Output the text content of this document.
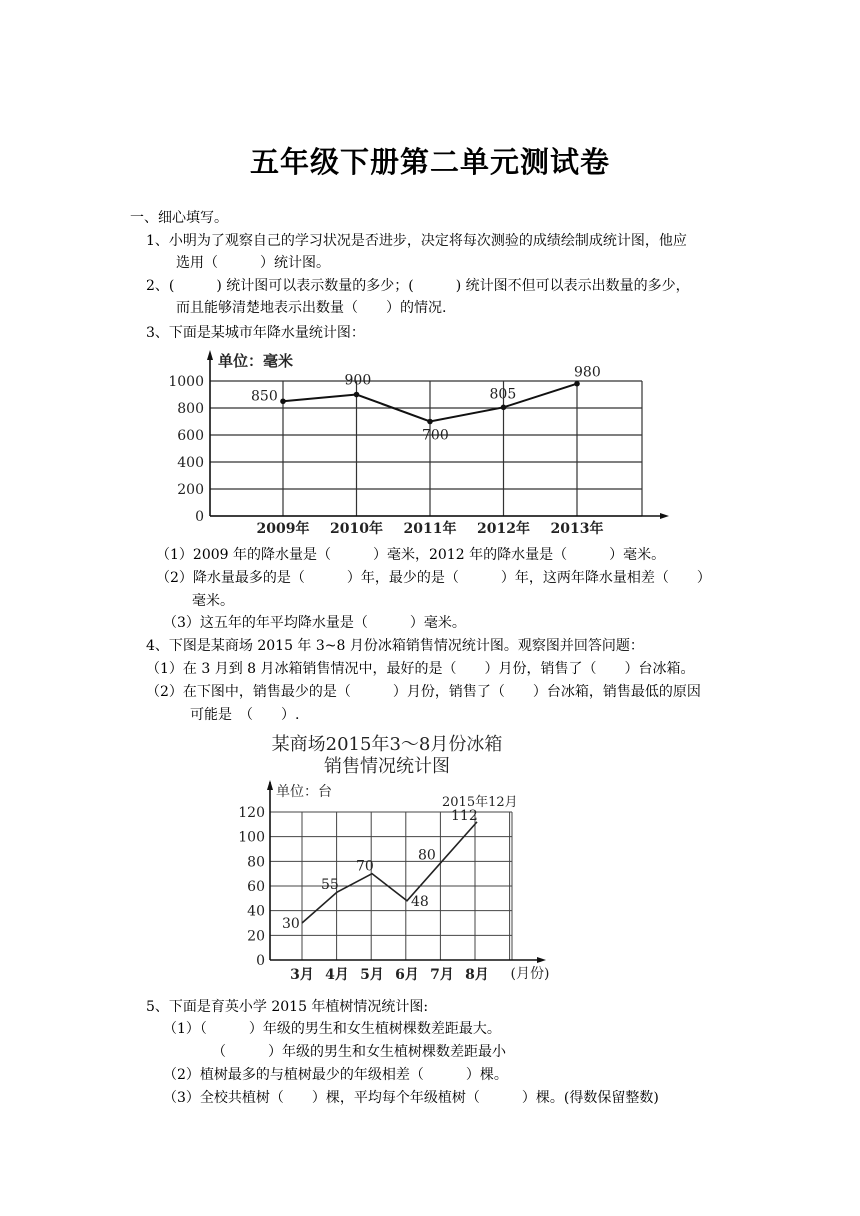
五年级下册第二单元测试卷
一、细心填写。
1、小明为了观察自己的学习状况是否进步，决定将每次测验的成绩绘制成统计图，他应
选用（　　　）统计图。
2、(　　　) 统计图可以表示数量的多少；(　　　) 统计图不但可以表示出数量的多少，
而且能够清楚地表示出数量（　　）的情况.
3、下面是某城市年降水量统计图：
0
200
400
600
800
1000
单位：毫米
2009年 2010年 2011年 2012年 2013年
850
900
700
805
980
（1）2009 年的降水量是（　　　）毫米，2012 年的降水量是（　　　）毫米。
（2）降水量最多的是（　　　）年，最少的是（　　　）年，这两年降水量相差（　　）
毫米。
（3）这五年的年平均降水量是（　　　）毫米。
4、下图是某商场 2015 年 3~8 月份冰箱销售情况统计图。观察图并回答问题：
（1）在 3 月到 8 月冰箱销售情况中，最好的是（　　）月份，销售了（　　）台冰箱。
（2）在下图中，销售最少的是（　　　）月份，销售了（　　）台冰箱，销售最低的原因
可能是　（　　）.
某商场2015年3～8月份冰箱
销售情况统计图
单位：台
2015年12月
0
20
40
60
80
100
120
3月 4月 5月 6月 7月 8月 (月份)
30
55
70
48
80
112
5、下面是育英小学 2015 年植树情况统计图:
（1）（　　　）年级的男生和女生植树棵数差距最大。
（　　　）年级的男生和女生植树棵数差距最小
（2）植树最多的与植树最少的年级相差（　　　）棵。
（3）全校共植树（　　）棵，平均每个年级植树（　　　）棵。(得数保留整数)
